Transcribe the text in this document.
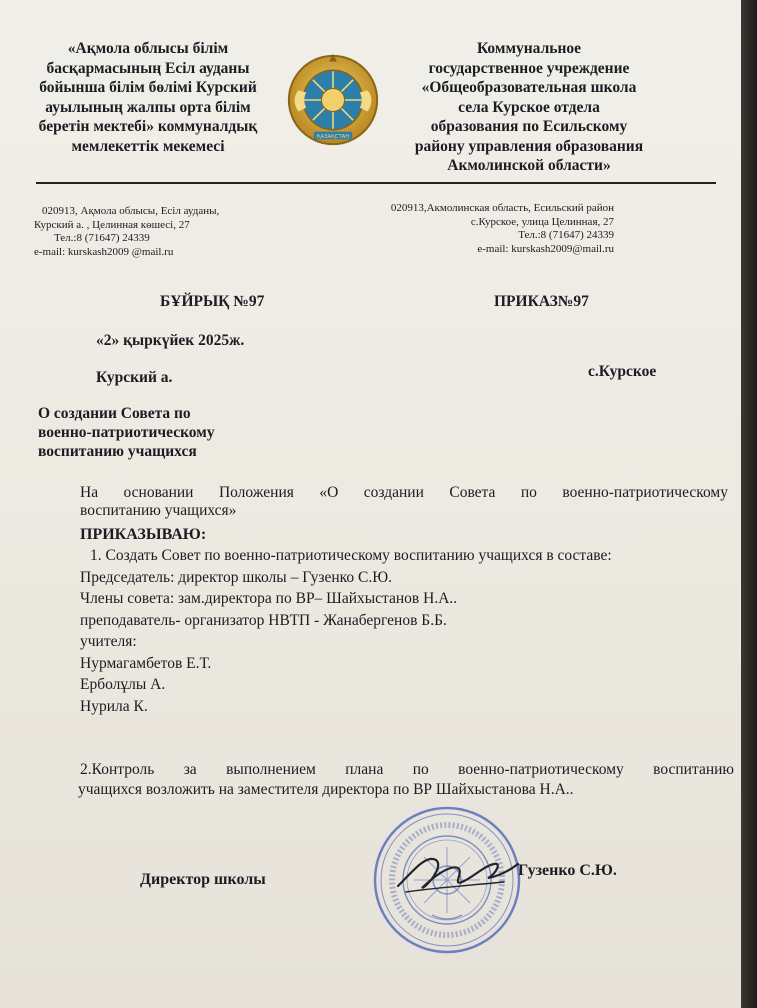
«Ақмола облысы білім
басқармасының Есіл ауданы
бойынша білім бөлімі Курский
ауылының жалпы орта білім
беретін мектебі» коммуналдық
мемлекеттік мекемесі
ҚАЗАҚСТАН
Коммунальное
государственное учреждение
«Общеобразовательная школа
села Курское отдела
образования по Есильскому
району управления образования
Акмолинской области»
020913, Ақмола облысы, Есіл ауданы,
Курский а. , Целинная көшесі, 27
Тел.:8 (71647) 24339
e-mail: kurskash2009 @mail.ru
020913,Акмолинская область, Есильский район
с.Курское, улица Целинная, 27
Тел.:8 (71647) 24339
e-mail: kurskash2009@mail.ru
БҰЙРЫҚ №97	ПРИКАЗ№97
«2» қыркүйек 2025ж.
Курский а.	с.Курское
О создании Совета по
военно-патриотическому
воспитанию учащихся
На основании Положения «О создании Совета по военно-патриотическому
воспитанию учащихся»
ПРИКАЗЫВАЮ:
1. Создать Совет по военно-патриотическому воспитанию учащихся в составе:
Председатель: директор школы – Гузенко С.Ю.
Члены совета: зам.директора по ВР– Шайхыстанов Н.А..
преподаватель- организатор НВТП - Жанабергенов Б.Б.
учителя:
Нурмагамбетов Е.Т.
Ерболұлы А.
Нурила К.
2.Контроль за выполнением плана по военно-патриотическому воспитанию
учащихся возложить на заместителя директора по ВР Шайхыстанова Н.А..
Директор школы
Гузенко С.Ю.
